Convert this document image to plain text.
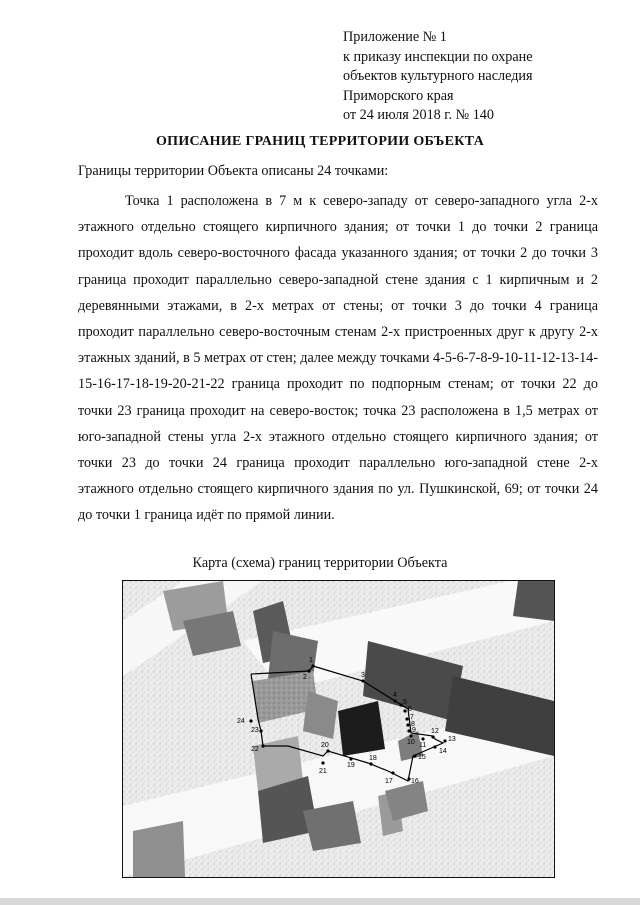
Приложение № 1
к приказу инспекции по охране
объектов культурного наследия
Приморского края
от 24 июля 2018 г. № 140
ОПИСАНИЕ ГРАНИЦ ТЕРРИТОРИИ ОБЪЕКТА
Границы территории Объекта описаны 24 точками:

Точка 1 расположена в 7 м к северо-западу от северо-западного угла 2-х этажного отдельно стоящего кирпичного здания; от точки 1 до точки 2 граница проходит вдоль северо-восточного фасада указанного здания; от точки 2 до точки 3 граница проходит параллельно северо-западной стене здания с 1 кирпичным и 2 деревянными этажами, в 2-х метрах от стены; от точки 3 до точки 4 граница проходит параллельно северо-восточным стенам 2-х пристроенных друг к другу 2-х этажных зданий, в 5 метрах от стен; далее между точками 4-5-6-7-8-9-10-11-12-13-14-15-16-17-18-19-20-21-22 граница проходит по подпорным стенам; от точки 22 до точки 23 граница проходит на северо-восток; точка 23 расположена в 1,5 метрах от юго-западной стены угла 2-х этажного отдельно стоящего кирпичного здания; от точки 23 до точки 24 граница проходит параллельно юго-западной стене 2-х этажного отдельно стоящего кирпичного здания по ул. Пушкинской, 69; от точки 24 до точки 1 граница идёт по прямой линии.

Карта (схема) границ территории Объекта
1
2	3
4
5
6
7
8
9
10 11
12
13
14
15
16
17
18
19
20
21
22
23
24
